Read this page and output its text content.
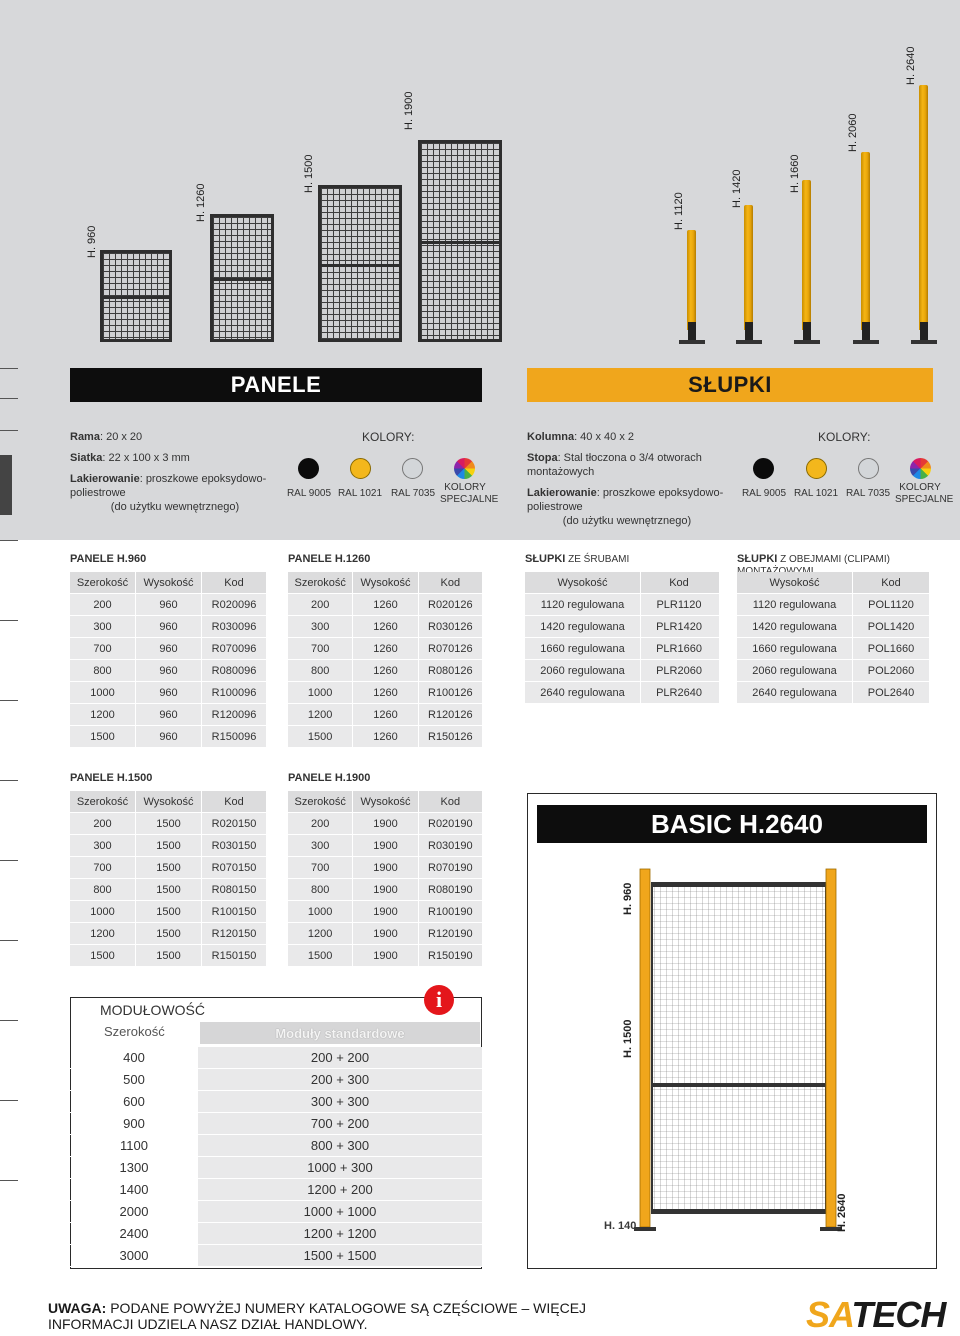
H. 960
H. 1260
H. 1500
H. 1900
H. 1120
H. 1420	H. 1660
H. 2060
H. 2640
PANELE	SŁUPKI
Rama: 20 x 20
Siatka: 22 x 100 x 3 mm
Lakierowanie: proszkowe epoksydowo-poliestrowe
(do użytku wewnętrznego)
KOLORY:
RAL 9005 RAL 1021 RAL 7035
KOLORY
SPECJALNE
Kolumna: 40 x 40 x 2
Stopa: Stal tłoczona o 3/4 otworach montażowych
Lakierowanie: proszkowe epoksydowo-poliestrowe
(do użytku wewnętrznego)
KOLORY:
RAL 9005 RAL 1021 RAL 7035
KOLORY
SPECJALNE
PANELE H.960
Szerokość	Wysokość	Kod
200	960	R020096
300	960	R030096
700	960	R070096
800	960	R080096
1000	960	R100096
1200	960	R120096
1500	960	R150096
PANELE H.1260
Szerokość	Wysokość	Kod
200	1260	R020126
300	1260	R030126
700	1260	R070126
800	1260	R080126
1000	1260	R100126
1200	1260	R120126
1500	1260	R150126
PANELE H.1500
Szerokość	Wysokość	Kod
200	1500	R020150
300	1500	R030150
700	1500	R070150
800	1500	R080150
1000	1500	R100150
1200	1500	R120150
1500	1500	R150150
PANELE H.1900
Szerokość	Wysokość	Kod
200	1900	R020190
300	1900	R030190
700	1900	R070190
800	1900	R080190
1000	1900	R100190
1200	1900	R120190
1500	1900	R150190
SŁUPKI ZE ŚRUBAMI
Wysokość	Kod
1120 regulowana	PLR1120
1420 regulowana	PLR1420
1660 regulowana	PLR1660
2060 regulowana	PLR2060
2640 regulowana	PLR2640
SŁUPKI Z OBEJMAMI (CLIPAMI)
Wysokość	Kod
1120 regulowana	POL1120
1420 regulowana	POL1420
1660 regulowana	POL1660
2060 regulowana	POL2060
2640 regulowana	POL2640
MODUŁOWOŚĆ
Szerokość	Moduły standardowe
i
400	200 + 200
500	200 + 300
600	300 + 300
900	700 + 200
1100	800 + 300
1300	1000 + 300
1400	1200 + 200
2000	1000 + 1000
2400	1200 + 1200
3000	1500 + 1500
BASIC H.2640
H. 960
H. 1500
H. 140	H. 2640
UWAGA: PODANE POWYŻEJ NUMERY KATALOGOWE SĄ CZĘŚCIOWE – WIĘCEJ
INFORMACJI UDZIELA NASZ DZIAŁ HANDLOWY.	SATECH
